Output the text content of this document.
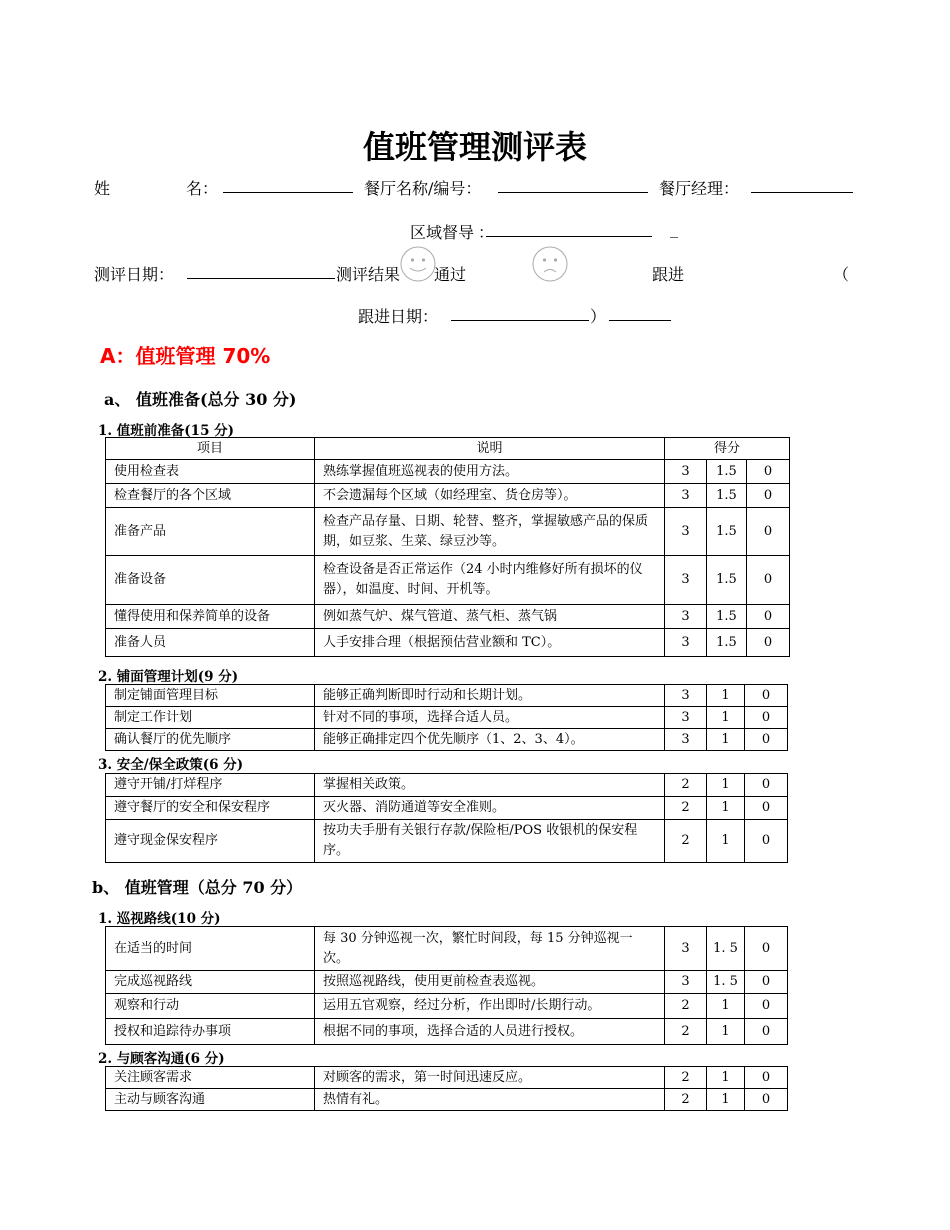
值班管理测评表
姓	名：	餐厅名称/编号：	餐厅经理：
区域督导 ：	_
测评日期：	测评结果 通过	跟进	（
跟进日期：	）
A：值班管理 70%
a、 值班准备(总分 30 分)
1. 值班前准备(15 分)
项目	说明	得分		
使用检查表	熟练掌握值班巡视表的使用方法。	3	1.5	0
检查餐厅的各个区域	不会遗漏每个区域（如经理室、货仓房等）。	3	1.5	0
准备产品	检查产品存量、日期、轮替、整齐，掌握敏感产品的保质期，如豆浆、生菜、绿豆沙等。	3	1.5	0
准备设备	检查设备是否正常运作（24 小时内维修好所有损坏的仪器），如温度、时间、开机等。	3	1.5	0
懂得使用和保养简单的设备	例如蒸气炉、煤气管道、蒸气柜、蒸气锅	3	1.5	0
准备人员	人手安排合理（根据预估营业额和 TC）。	3	1.5	0
2. 铺面管理计划(9 分)
制定铺面管理目标	能够正确判断即时行动和长期计划。	3	1	0
制定工作计划	针对不同的事项，选择合适人员。	3	1	0
确认餐厅的优先顺序	能够正确排定四个优先顺序（1、2、3、4）。	3	1	0
3. 安全/保全政策(6 分)
遵守开铺/打烊程序	掌握相关政策。	2	1	0
遵守餐厅的安全和保安程序	灭火器、消防通道等安全准则。	2	1	0
遵守现金保安程序	按功夫手册有关银行存款/保险柜/POS 收银机的保安程序。	2	1	0
b、 值班管理（总分 70 分）
1. 巡视路线(10 分)
在适当的时间	每 30 分钟巡视一次，繁忙时间段，每 15 分钟巡视一次。	3	1. 5	0
完成巡视路线	按照巡视路线，使用更前检查表巡视。	3	1. 5	0
观察和行动	运用五官观察，经过分析，作出即时/长期行动。	2	1	0
授权和追踪待办事项	根据不同的事项，选择合适的人员进行授权。	2	1	0
2. 与顾客沟通(6 分)
关注顾客需求	对顾客的需求，第一时间迅速反应。	2	1	0
主动与顾客沟通	热情有礼。	2	1	0
